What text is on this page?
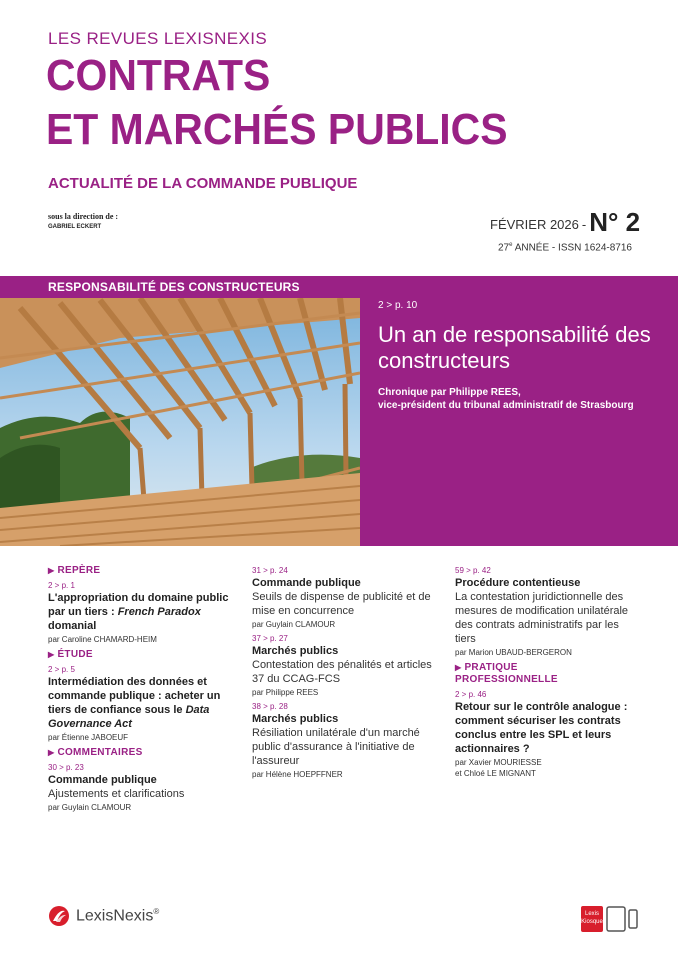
LES REVUES LEXISNEXIS
CONTRATS
ET MARCHÉS PUBLICS
ACTUALITÉ DE LA COMMANDE PUBLIQUE
sous la direction de :
GABRIEL ECKERT	FÉVRIER 2026 - N° 2
27e ANNÉE - ISSN 1624-8716
RESPONSABILITÉ DES CONSTRUCTEURS
2 > p. 10
Un an de responsabilité des constructeurs
Chronique par Philippe REES,
vice-président du tribunal administratif de Strasbourg
▶ REPÈRE
2 > p. 1
L'appropriation du domaine public par un tiers : French Paradox domanial
par Caroline CHAMARD-HEIM
▶ ÉTUDE
2 > p. 5
Intermédiation des données et commande publique : acheter un tiers de confiance sous le Data Governance Act
par Étienne JABOEUF
▶ COMMENTAIRES
30 > p. 23
Commande publique
Ajustements et clarifications
par Guylain CLAMOUR
31 > p. 24
Commande publique
Seuils de dispense de publicité et de mise en concurrence
par Guylain CLAMOUR
37 > p. 27
Marchés publics
Contestation des pénalités et articles 37 du CCAG-FCS
par Philippe REES
38 > p. 28
Marchés publics
Résiliation unilatérale d'un marché public d'assurance à l'initiative de l'assureur
par Hélène HOEPFFNER
59 > p. 42
Procédure contentieuse
La contestation juridictionnelle des mesures de modification unilatérale des contrats administratifs par les tiers
par Marion UBAUD-BERGERON
▶ PRATIQUE
PROFESSIONNELLE
2 > p. 46
Retour sur le contrôle analogue : comment sécuriser les contrats conclus entre les SPL et leurs actionnaires ?
par Xavier MOURIESSE
et Chloé LE MIGNANT
LexisNexis®	Lexis
Kiosque
